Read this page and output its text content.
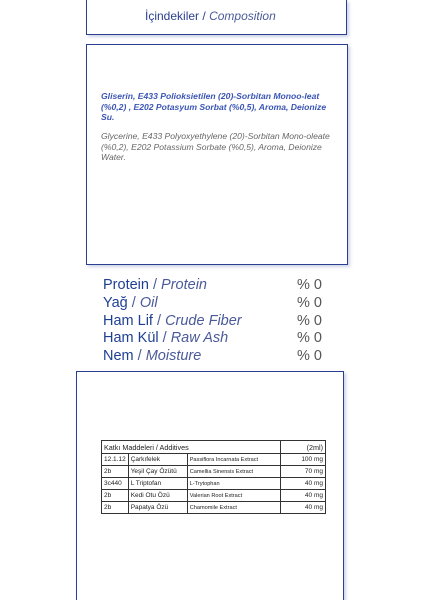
İçindekiler / Composition
Gliserin, E433 Polioksietilen (20)-Sorbitan Monoo-leat (%0,2) , E202 Potasyum Sorbat (%0,5), Aroma, Deionize Su.
Glycerine, E433 Polyoxyethylene (20)-Sorbitan Mono-oleate (%0,2), E202 Potassium Sorbate (%0,5), Aroma, Deionize Water.
Protein / Protein	% 0
Yağ / Oil	% 0
Ham Lif / Crude Fiber	% 0
Ham Kül / Raw Ash	% 0
Nem / Moisture	% 0
Katkı Maddeleri / Additives			(2ml)
12.1.12	Çarkıfelek	Passiflora Incarnata Extract	100 mg
2b	Yeşil Çay Özütü	Camellia Sinensis Extract	70 mg
3c440	L Triptofan	L-Trytophan	40 mg
2b	Kedi Otu Özü	Valerian Root Extract	40 mg
2b	Papatya Özü	Chamomile Extract	40 mg
